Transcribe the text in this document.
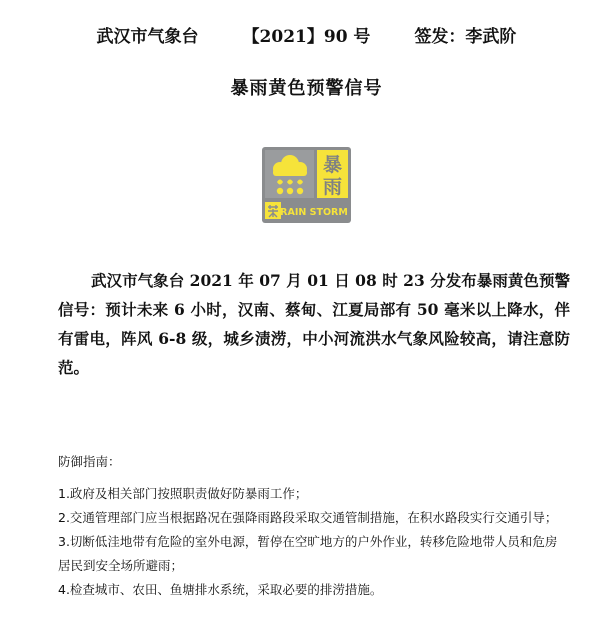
武汉市气象台	【2021】90 号	签发：李武阶
暴雨黄色预警信号
暴
雨
RAIN STORM
武汉市气象台 2021 年 07 月 01 日 08 时 23 分发布暴雨黄色预警信号：预计未来 6 小时，汉南、蔡甸、江夏局部有 50 毫米以上降水，伴有雷电，阵风 6-8 级，城乡渍涝，中小河流洪水气象风险较高，请注意防范。
防御指南：
1.政府及相关部门按照职责做好防暴雨工作；
2.交通管理部门应当根据路况在强降雨路段采取交通管制措施，在积水路段实行交通引导；
3.切断低洼地带有危险的室外电源，暂停在空旷地方的户外作业，转移危险地带人员和危房居民到安全场所避雨；
4.检查城市、农田、鱼塘排水系统，采取必要的排涝措施。
